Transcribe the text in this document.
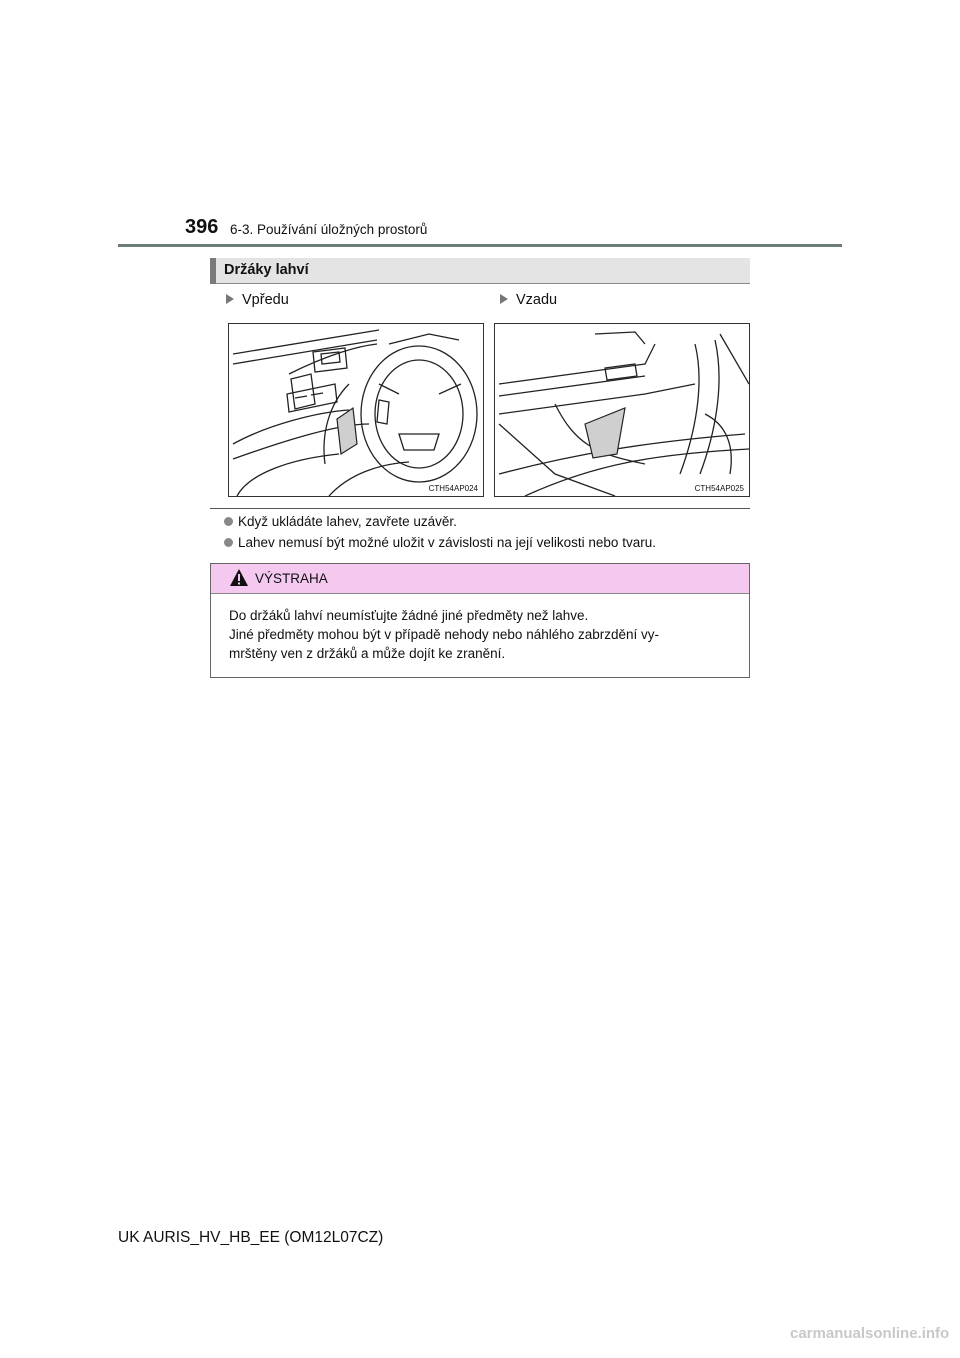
396 6-3. Používání úložných prostorů
Držáky lahví
Vpředu	Vzadu
CTH54AP024	CTH54AP025
Když ukládáte lahev, zavřete uzávěr.
Lahev nemusí být možné uložit v závislosti na její velikosti nebo tvaru.
VÝSTRAHA

Do držáků lahví neumísťujte žádné jiné předměty než lahve.

Jiné předměty mohou být v případě nehody nebo náhlého zabrzdění vy-

mrštěny ven z držáků a může dojít ke zranění.

UK AURIS_HV_HB_EE (OM12L07CZ)
carmanualsonline.info
